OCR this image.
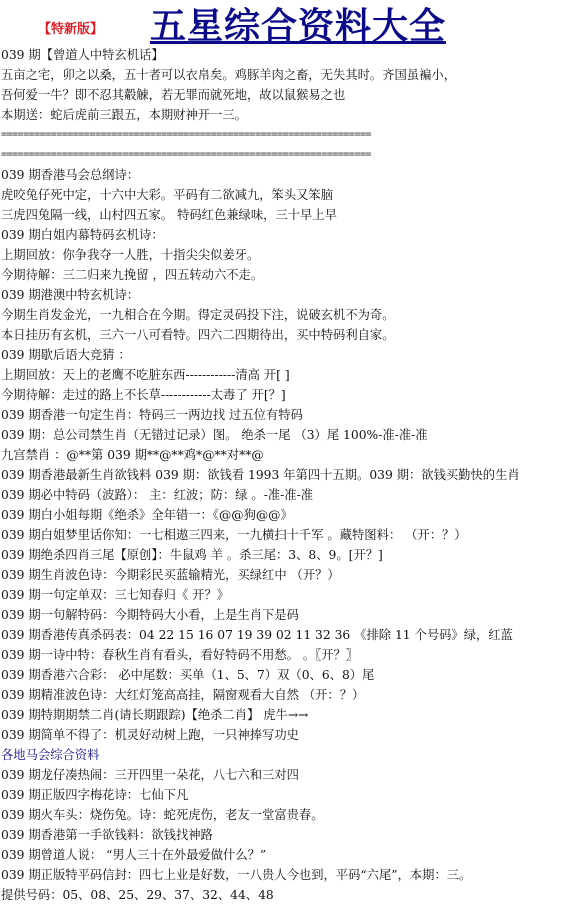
【特新版】 五星综合资料大全
039 期【曾道人中特玄机话】
五亩之宅，卯之以桑，五十者可以衣帛矣。鸡豚羊肉之畜，无失其时。齐国虽褊小，
吾何爱一牛？即不忍其觳觫，若无罪而就死地，故以鼠猴易之也
本期送：蛇后虎前三跟五，本期财神开一三。
===================================================================
===================================================================
039 期香港马会总纲诗：
虎咬兔仔死中定，十六中大彩。平码有二欲减九，笨头又笨脑
三虎四兔隔一线，山村四五家。 特码红色兼绿味，三十早上早
039 期白姐内幕特码玄机诗：
上期回放：你争我夺一人胜，十指尖尖似姜牙。
今期待解：三二归来九挽留 ，四五转动六不走。
039 期港澳中特玄机诗：
今期生肖发金光，一九相合在今期。得定灵码投下注，说破玄机不为奇。
本日挂历有玄机，三六一八可看特。四六二四期待出，买中特码利自家。
039 期歇后语大竞猜 ：
上期回放：天上的老鹰不吃脏东西------------清高 开[ ]
今期待解：走过的路上不长草------------太毒了 开[？]
039 期香港一句定生肖：特码三一两边找 过五位有特码
039 期：总公司禁生肖（无错过记录）图。 绝杀一尾 （3）尾 100%-准-准-准
九宫禁肖 ：@**第 039 期**@**鸡*@**对**@
039 期香港最新生肖欲钱料 039 期：欲钱看 1993 年第四十五期。039 期：欲钱买勤快的生肖
039 期必中特码（波路）： 主：红波；防：绿 。-准-准-准
039 期白小姐每期《绝杀》全年错一：《@@狗@@》
039 期白姐梦里话你知：一七相遨三四来，一九横扫十千军 。藏特图料： （开：？）
039 期绝杀四肖三尾【原创】：牛鼠鸡 羊 。杀三尾：3、8、9。[开？]
039 期生肖波色诗：今期彩民买蓝输精光，买绿红中 （开？）
039 期一句定单双：三七知春归《 开？》
039 期一句解特码：今期特码大小看，上是生肖下是码
039 期香港传真杀码表：04 22 15 16 07 19 39 02 11 32 36 《排除 11 个号码》绿，红蓝
039 期一诗中特：春秋生肖有看头，看好特码不用愁。 。〖开？〗
039 期香港六合彩： 必中尾数：买单（1、5、7）双（0、6、8）尾
039 期精准波色诗：大红灯笼高高挂，隔窗观看大自然 （开：？）
039 期特期期禁二肖(请长期跟踪)【绝杀二肖】 虎牛→→
039 期简单不得了：机灵好动树上跑，一只神捧写功史
各地马会综合资料
039 期龙仔凑热闹：三开四里一朵花，八七六和三对四
039 期正版四字梅花诗：七仙下凡
039 期火车头：烧伤兔。诗：蛇死虎伤，老友一堂富贵春。
039 期香港第一手欲钱料：欲钱找神路
039 期曾道人说： “男人三十在外最爱做什么？”
039 期正版特平码信封：四七上业是好数，一八贵人今也到，平码“六尾”，本期：三。
提供号码：05、08、25、29、37、32、44、48
